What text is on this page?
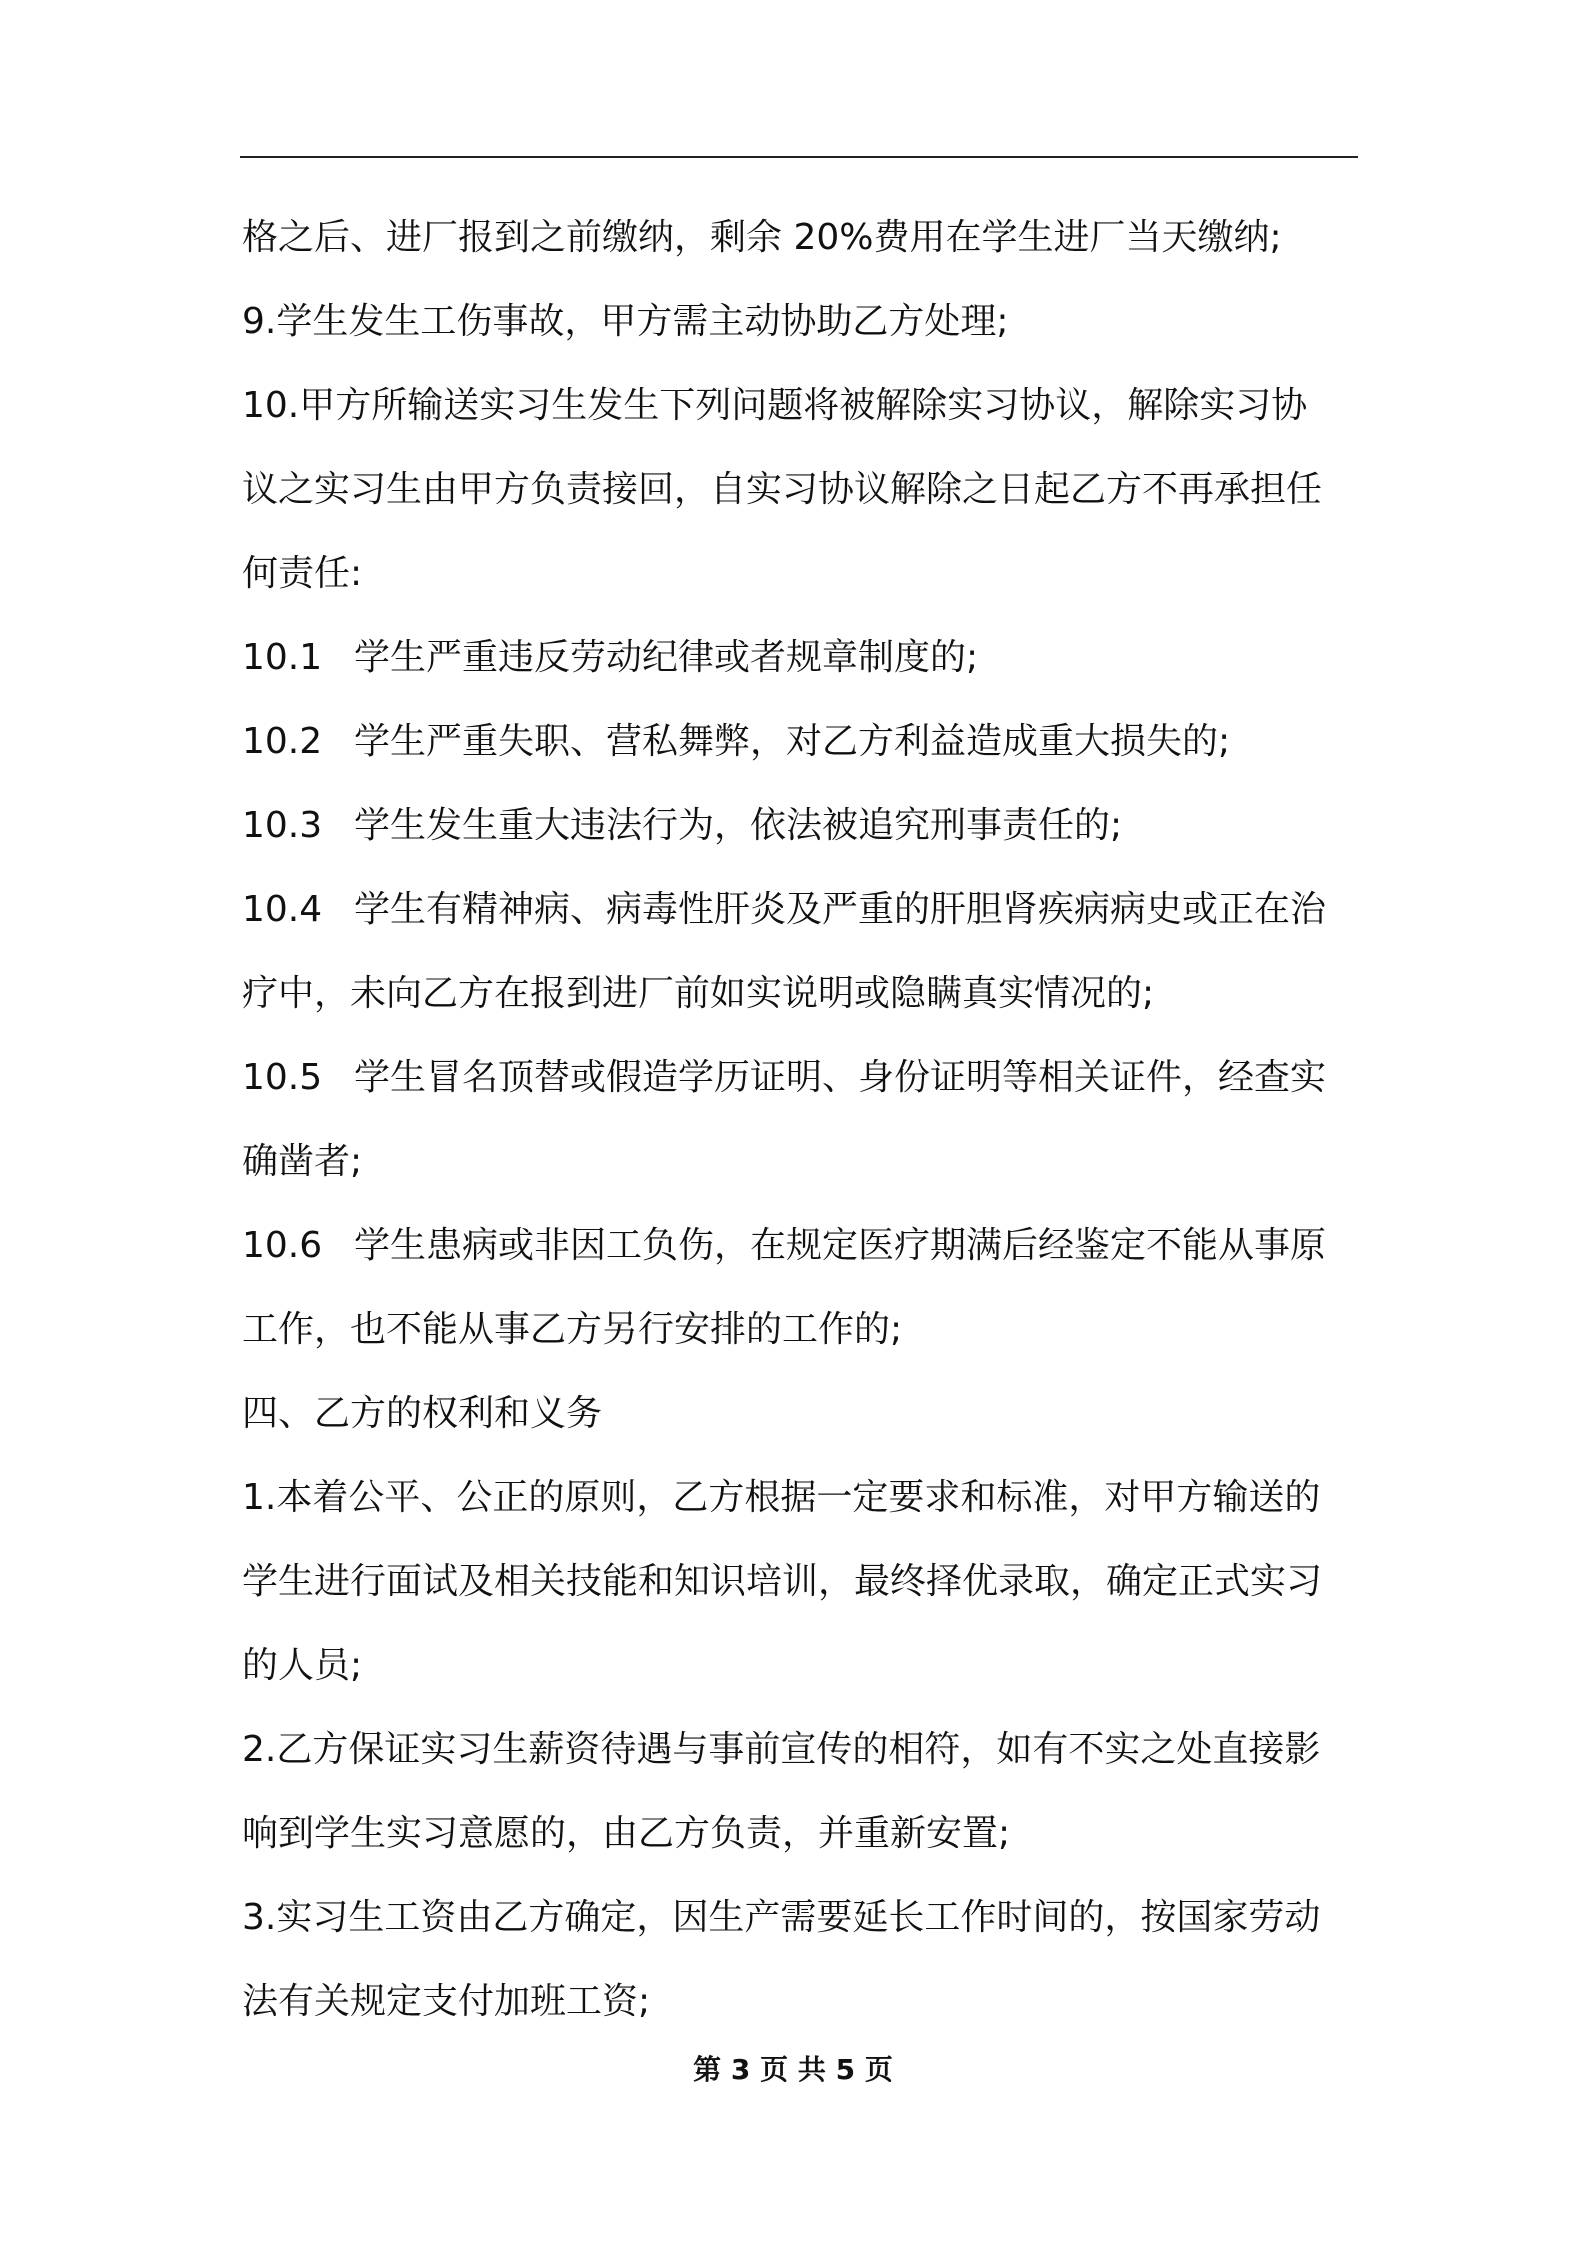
格之后、进厂报到之前缴纳，剩余 20%费用在学生进厂当天缴纳;
9.学生发生工伤事故，甲方需主动协助乙方处理;
10.甲方所输送实习生发生下列问题将被解除实习协议，解除实习协
议之实习生由甲方负责接回，自实习协议解除之日起乙方不再承担任
何责任:
10.1 学生严重违反劳动纪律或者规章制度的;
10.2 学生严重失职、营私舞弊，对乙方利益造成重大损失的;
10.3 学生发生重大违法行为，依法被追究刑事责任的;
10.4 学生有精神病、病毒性肝炎及严重的肝胆肾疾病病史或正在治
疗中，未向乙方在报到进厂前如实说明或隐瞒真实情况的;
10.5 学生冒名顶替或假造学历证明、身份证明等相关证件，经查实
确凿者;
10.6 学生患病或非因工负伤，在规定医疗期满后经鉴定不能从事原
工作，也不能从事乙方另行安排的工作的;
四、乙方的权利和义务
1.本着公平、公正的原则，乙方根据一定要求和标准，对甲方输送的
学生进行面试及相关技能和知识培训，最终择优录取，确定正式实习
的人员;
2.乙方保证实习生薪资待遇与事前宣传的相符，如有不实之处直接影
响到学生实习意愿的，由乙方负责，并重新安置;
3.实习生工资由乙方确定，因生产需要延长工作时间的，按国家劳动
法有关规定支付加班工资;
第 3 页 共 5 页
